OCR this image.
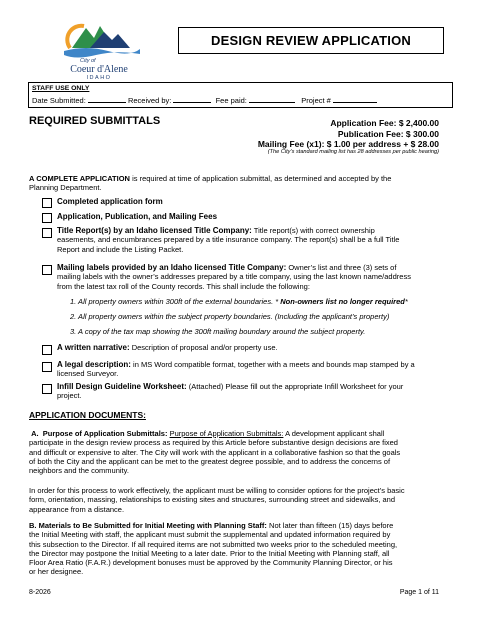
City of
Coeur d'Alene
IDAHO
DESIGN REVIEW APPLICATION
STAFF USE ONLY
Date Submitted:	Received by:	Fee paid:	Project #
REQUIRED SUBMITTALS	Application Fee: $ 2,400.00
Publication Fee: $ 300.00
Mailing Fee (x1): $ 1.00 per address + $ 28.00
(The City’s standard mailing list has 28 addresses per public hearing)
A COMPLETE APPLICATION is required at time of application submittal, as determined and accepted by the
Planning Department.
Completed application form
Application, Publication, and Mailing Fees
Title Report(s) by an Idaho licensed Title Company: Title report(s) with correct ownership
easements, and encumbrances prepared by a title insurance company. The report(s) shall be a full Title
Report and include the Listing Packet.
Mailing labels provided by an Idaho licensed Title Company: Owner’s list and three (3) sets of
mailing labels with the owner’s addresses prepared by a title company, using the last known name/address
from the latest tax roll of the County records. This shall include the following:
1. All property owners within 300ft of the external boundaries. * Non-owners list no longer required*
2. All property owners within the subject property boundaries. (Including the applicant’s property)
3. A copy of the tax map showing the 300ft mailing boundary around the subject property.
A written narrative: Description of proposal and/or property use.
A legal description: in MS Word compatible format, together with a meets and bounds map stamped by a
licensed Surveyor.
Infill Design Guideline Worksheet: (Attached) Please fill out the appropriate Infill Worksheet for your
project.
APPLICATION DOCUMENTS:
A.  Purpose of Application Submittals: Purpose of Application Submittals: A development applicant shall
participate in the design review process as required by this Article before substantive design decisions are fixed
and difficult or expensive to alter. The City will work with the applicant in a collaborative fashion so that the goals
of both the City and the applicant can be met to the greatest degree possible, and to address the concerns of
neighbors and the community.
In order for this process to work effectively, the applicant must be willing to consider options for the project’s basic
form, orientation, massing, relationships to existing sites and structures, surrounding street and sidewalks, and
appearance from a distance.
B. Materials to Be Submitted for Initial Meeting with Planning Staff: Not later than fifteen (15) days before
the Initial Meeting with staff, the applicant must submit the supplemental and updated information required by
this subsection to the Director. If all required items are not submitted two weeks prior to the scheduled meeting,
the Director may postpone the Initial Meeting to a later date. Prior to the Initial Meeting with Planning staff, all
Floor Area Ratio (F.A.R.) development bonuses must be approved by the Community Planning Director, or his
or her designee.
8-2026	Page 1 of 11
